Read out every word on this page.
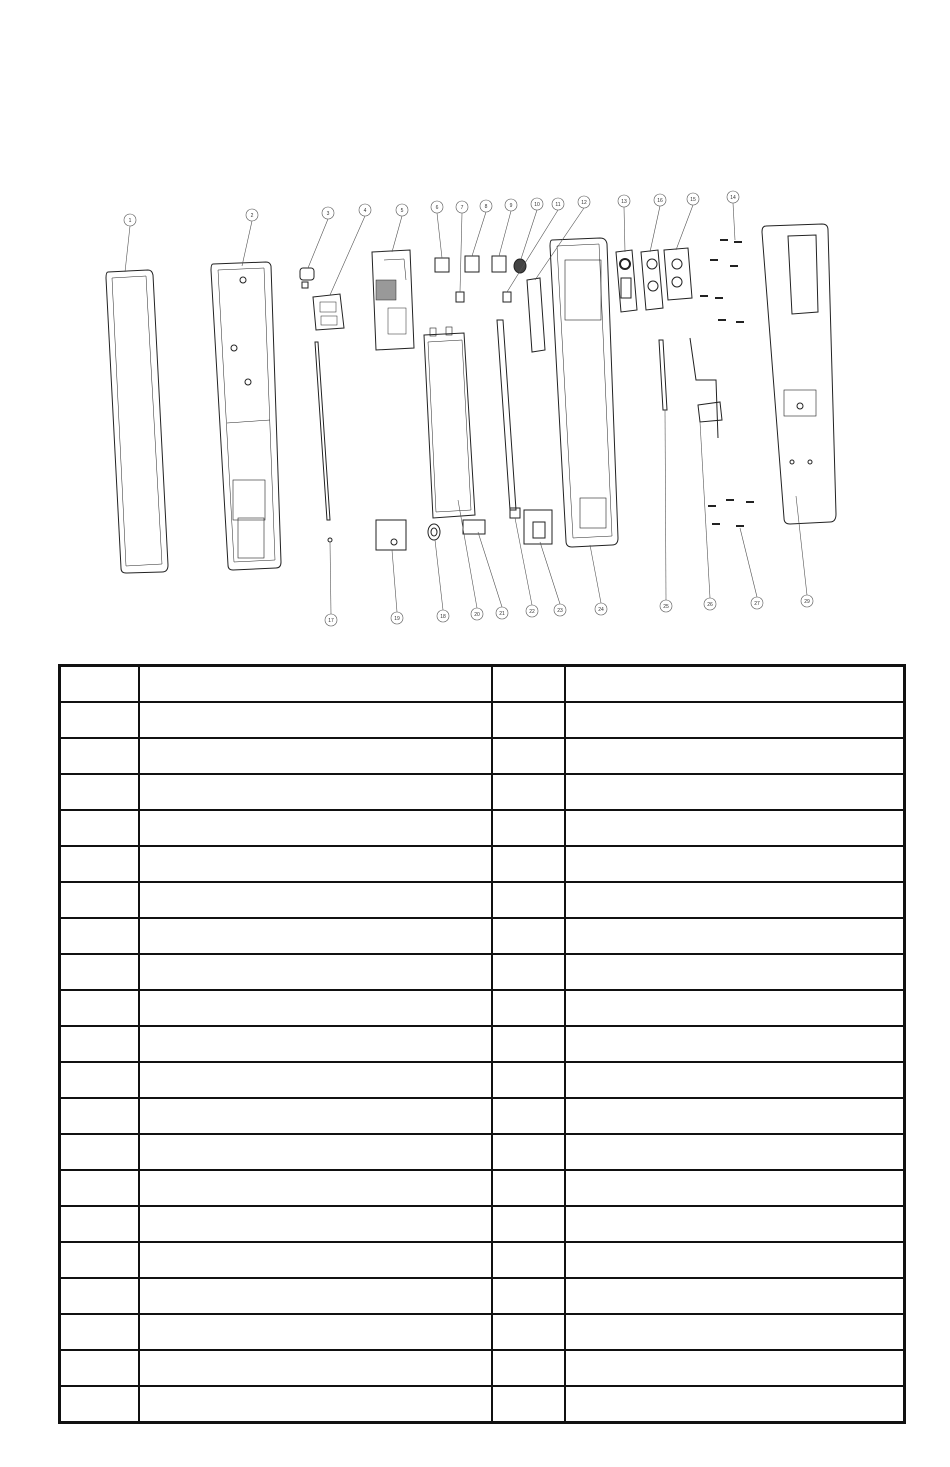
1
2	3	4	5	6	7	8	9	10	11	12	13	16	15	14
17	19	18	20	21	22	23	24	25	26	27	29
